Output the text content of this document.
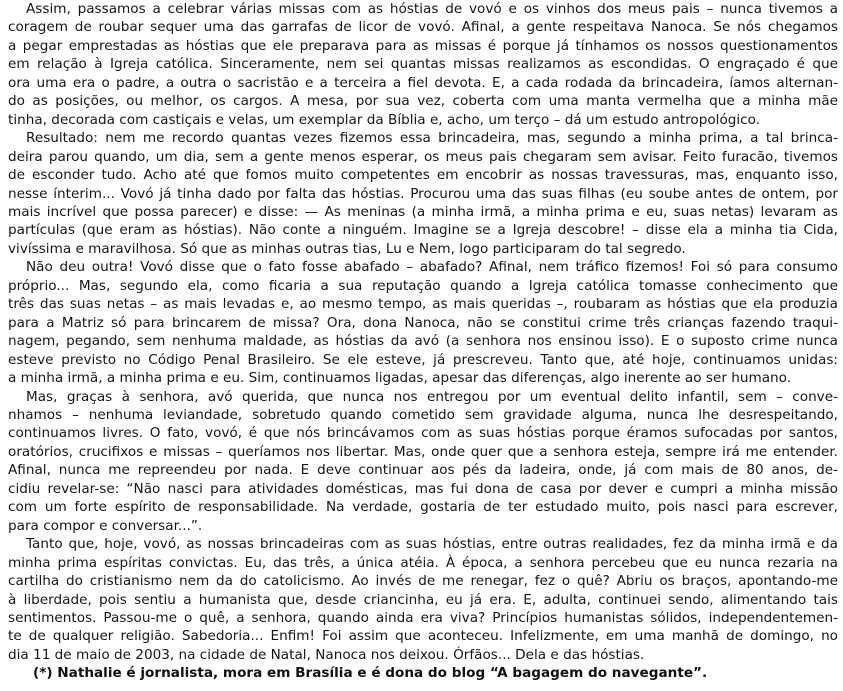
Assim, passamos a celebrar várias missas com as hóstias de vovó e os vinhos dos meus pais – nunca tivemos a
coragem de roubar sequer uma das garrafas de licor de vovó. Afinal, a gente respeitava Nanoca. Se nós chegamos
a pegar emprestadas as hóstias que ele preparava para as missas é porque já tínhamos os nossos questionamentos
em relação à Igreja católica. Sinceramente, nem sei quantas missas realizamos as escondidas. O engraçado é que
ora uma era o padre, a outra o sacristão e a terceira a fiel devota. E, a cada rodada da brincadeira, íamos alternan-
do as posições, ou melhor, os cargos. A mesa, por sua vez, coberta com uma manta vermelha que a minha mãe
tinha, decorada com castiçais e velas, um exemplar da Bíblia e, acho, um terço – dá um estudo antropológico.
Resultado: nem me recordo quantas vezes fizemos essa brincadeira, mas, segundo a minha prima, a tal brinca-
deira parou quando, um dia, sem a gente menos esperar, os meus pais chegaram sem avisar. Feito furacão, tivemos
de esconder tudo. Acho até que fomos muito competentes em encobrir as nossas travessuras, mas, enquanto isso,
nesse ínterim... Vovó já tinha dado por falta das hóstias. Procurou uma das suas filhas (eu soube antes de ontem, por
mais incrível que possa parecer) e disse: — As meninas (a minha irmã, a minha prima e eu, suas netas) levaram as
partículas (que eram as hóstias). Não conte a ninguém. Imagine se a Igreja descobre! – disse ela a minha tia Cida,
vivíssima e maravilhosa. Só que as minhas outras tias, Lu e Nem, logo participaram do tal segredo.
Não deu outra! Vovó disse que o fato fosse abafado – abafado? Afinal, nem tráfico fizemos! Foi só para consumo
próprio... Mas, segundo ela, como ficaria a sua reputação quando a Igreja católica tomasse conhecimento que
três das suas netas – as mais levadas e, ao mesmo tempo, as mais queridas –, roubaram as hóstias que ela produzia
para a Matriz só para brincarem de missa? Ora, dona Nanoca, não se constitui crime três crianças fazendo traqui-
nagem, pegando, sem nenhuma maldade, as hóstias da avó (a senhora nos ensinou isso). E o suposto crime nunca
esteve previsto no Código Penal Brasileiro. Se ele esteve, já prescreveu. Tanto que, até hoje, continuamos unidas:
a minha irmã, a minha prima e eu. Sim, continuamos ligadas, apesar das diferenças, algo inerente ao ser humano.
Mas, graças à senhora, avó querida, que nunca nos entregou por um eventual delito infantil, sem – conve-
nhamos – nenhuma leviandade, sobretudo quando cometido sem gravidade alguma, nunca lhe desrespeitando,
continuamos livres. O fato, vovó, é que nós brincávamos com as suas hóstias porque éramos sufocadas por santos,
oratórios, crucifixos e missas – queríamos nos libertar. Mas, onde quer que a senhora esteja, sempre irá me entender.
Afinal, nunca me repreendeu por nada. E deve continuar aos pés da ladeira, onde, já com mais de 80 anos, de-
cidiu revelar-se: “Não nasci para atividades domésticas, mas fui dona de casa por dever e cumpri a minha missão
com um forte espírito de responsabilidade. Na verdade, gostaria de ter estudado muito, pois nasci para escrever,
para compor e conversar...”.
Tanto que, hoje, vovó, as nossas brincadeiras com as suas hóstias, entre outras realidades, fez da minha irmã e da
minha prima espíritas convictas. Eu, das três, a única atéia. À época, a senhora percebeu que eu nunca rezaria na
cartilha do cristianismo nem da do catolicismo. Ao invés de me renegar, fez o quê? Abriu os braços, apontando-me
à liberdade, pois sentiu a humanista que, desde criancinha, eu já era. E, adulta, continuei sendo, alimentando tais
sentimentos. Passou-me o quê, a senhora, quando ainda era viva? Princípios humanistas sólidos, independentemen-
te de qualquer religião. Sabedoria... Enfim! Foi assim que aconteceu. Infelizmente, em uma manhã de domingo, no
dia 11 de maio de 2003, na cidade de Natal, Nanoca nos deixou. Órfãos... Dela e das hóstias.
(*) Nathalie é jornalista, mora em Brasília e é dona do blog “A bagagem do navegante”.
